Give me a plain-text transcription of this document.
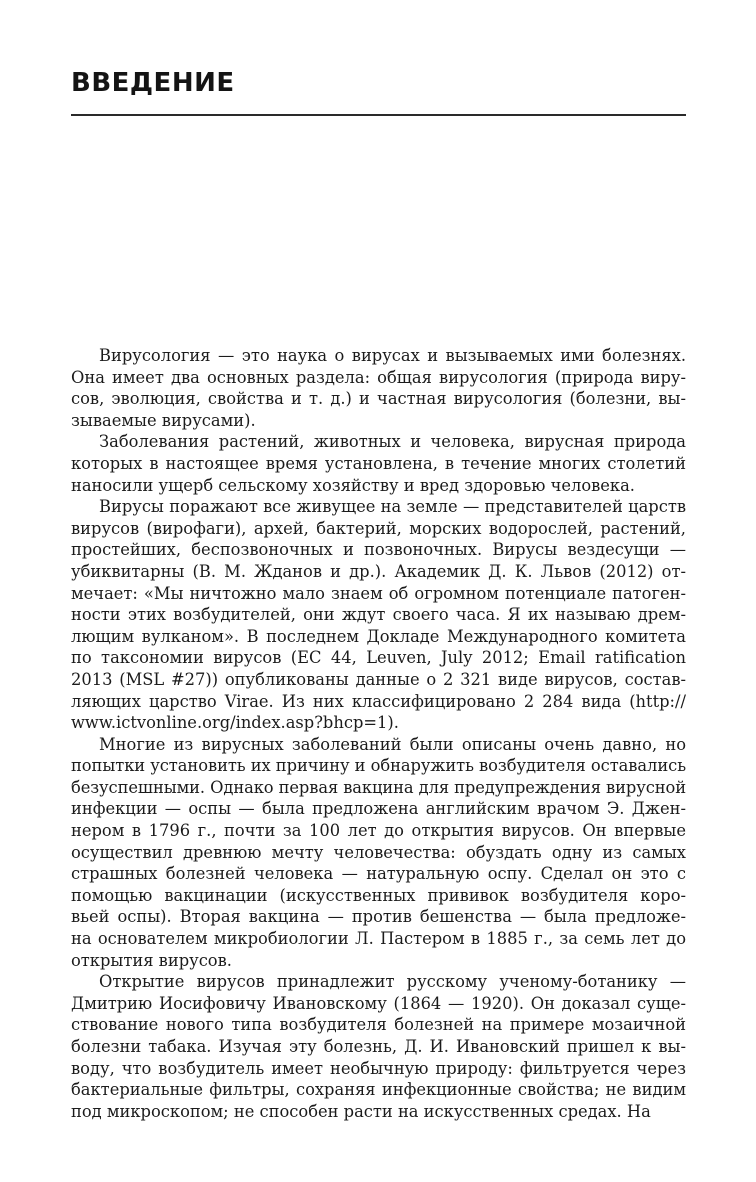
ВВЕДЕНИЕ

Вирусология — это наука о вирусах и вызываемых ими болезнях.
Она имеет два основных раздела: общая вирусология (природа виру-
сов, эволюция, свойства и т. д.) и частная вирусология (болезни, вы-
зываемые вирусами).

Заболевания растений, животных и человека, вирусная природа
которых в настоящее время установлена, в течение многих столетий
наносили ущерб сельскому хозяйству и вред здоровью человека.

Вирусы поражают все живущее на земле — представителей царств
вирусов (вирофаги), архей, бактерий, морских водорослей, растений,
простейших, беспозвоночных и позвоночных. Вирусы вездесущи —
убиквитарны (В. М. Жданов и др.). Академик Д. К. Львов (2012) от-
мечает: «Мы ничтожно мало знаем об огромном потенциале патоген-
ности этих возбудителей, они ждут своего часа. Я их называю дрем-
лющим вулканом». В последнем Докладе Международного комитета
по таксономии вирусов (EC 44, Leuven, July 2012; Email ratification
2013 (MSL #27)) опубликованы данные о 2 321 виде вирусов, состав-
ляющих царство Virae. Из них классифицировано 2 284 вида (http://
www.ictvonline.org/index.asp?bhcp=1).

Многие из вирусных заболеваний были описаны очень давно, но
попытки установить их причину и обнаружить возбудителя оставались
безуспешными. Однако первая вакцина для предупреждения вирусной
инфекции — оспы — была предложена английским врачом Э. Джен-
нером в 1796 г., почти за 100 лет до открытия вирусов. Он впервые
осуществил древнюю мечту человечества: обуздать одну из самых
страшных болезней человека — натуральную оспу. Сделал он это с
помощью вакцинации (искусственных прививок возбудителя коро-
вьей оспы). Вторая вакцина — против бешенства — была предложе-
на основателем микробиологии Л. Пастером в 1885 г., за семь лет до
открытия вирусов.

Открытие вирусов принадлежит русскому ученому-ботанику —
Дмитрию Иосифовичу Ивановскому (1864 — 1920). Он доказал суще-
ствование нового типа возбудителя болезней на примере мозаичной
болезни табака. Изучая эту болезнь, Д. И. Ивановский пришел к вы-
воду, что возбудитель имеет необычную природу: фильтруется через
бактериальные фильтры, сохраняя инфекционные свойства; не видим
под микроскопом; не способен расти на искусственных средах. На
